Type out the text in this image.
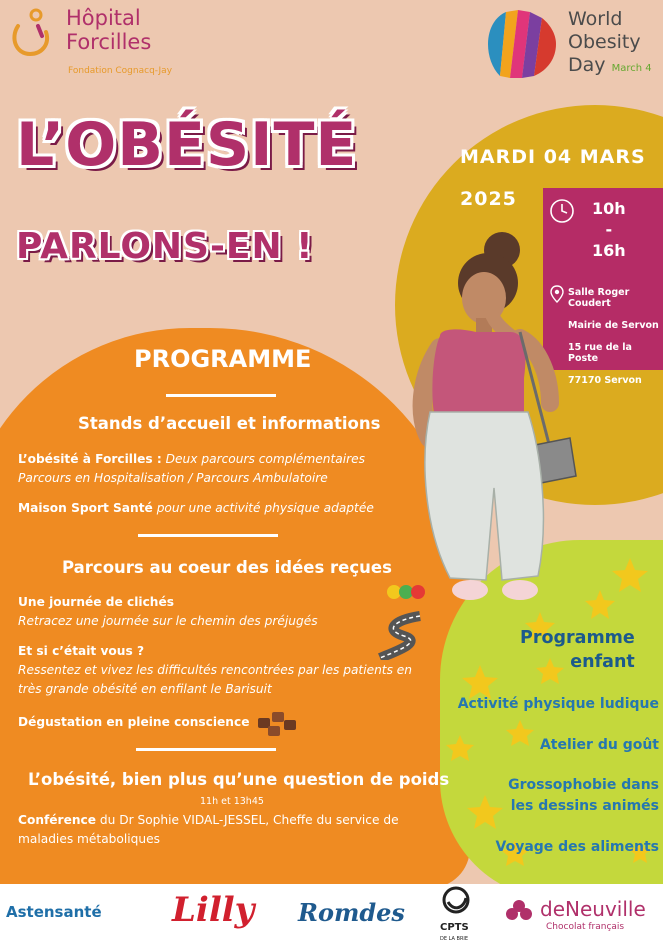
Hôpital
Forcilles
Fondation Cognacq-Jay
World
Obesity
Day March 4
L’OBÉSITÉ
PARLONS-EN !
MARDI 04 MARS
2025	10h
-
16h
Salle Roger Coudert
Mairie de Servon
15 rue de la Poste
77170 Servon
PROGRAMME
Stands d’accueil et informations
L’obésité à Forcilles : Deux parcours complémentaires
Parcours en Hospitalisation / Parcours Ambulatoire
Maison Sport Santé pour une activité physique adaptée
Parcours au coeur des idées reçues
Une journée de clichés
Retracez une journée sur le chemin des préjugés
Et si c’était vous ?
Ressentez et vivez les difficultés rencontrées par les patients en
très grande obésité en enfilant le Barisuit
Dégustation en pleine conscience
L’obésité, bien plus qu’une question de poids
11h et 13h45
Conférence du Dr Sophie VIDAL-JESSEL, Cheffe du service de
maladies métaboliques
Programme
enfant
Activité physique ludique
Atelier du goût
Grossophobie dans
les dessins animés
Voyage des aliments
Astensanté Lilly Romdes
CPTS
DE LA BRIE
deNeuville
Chocolat français
